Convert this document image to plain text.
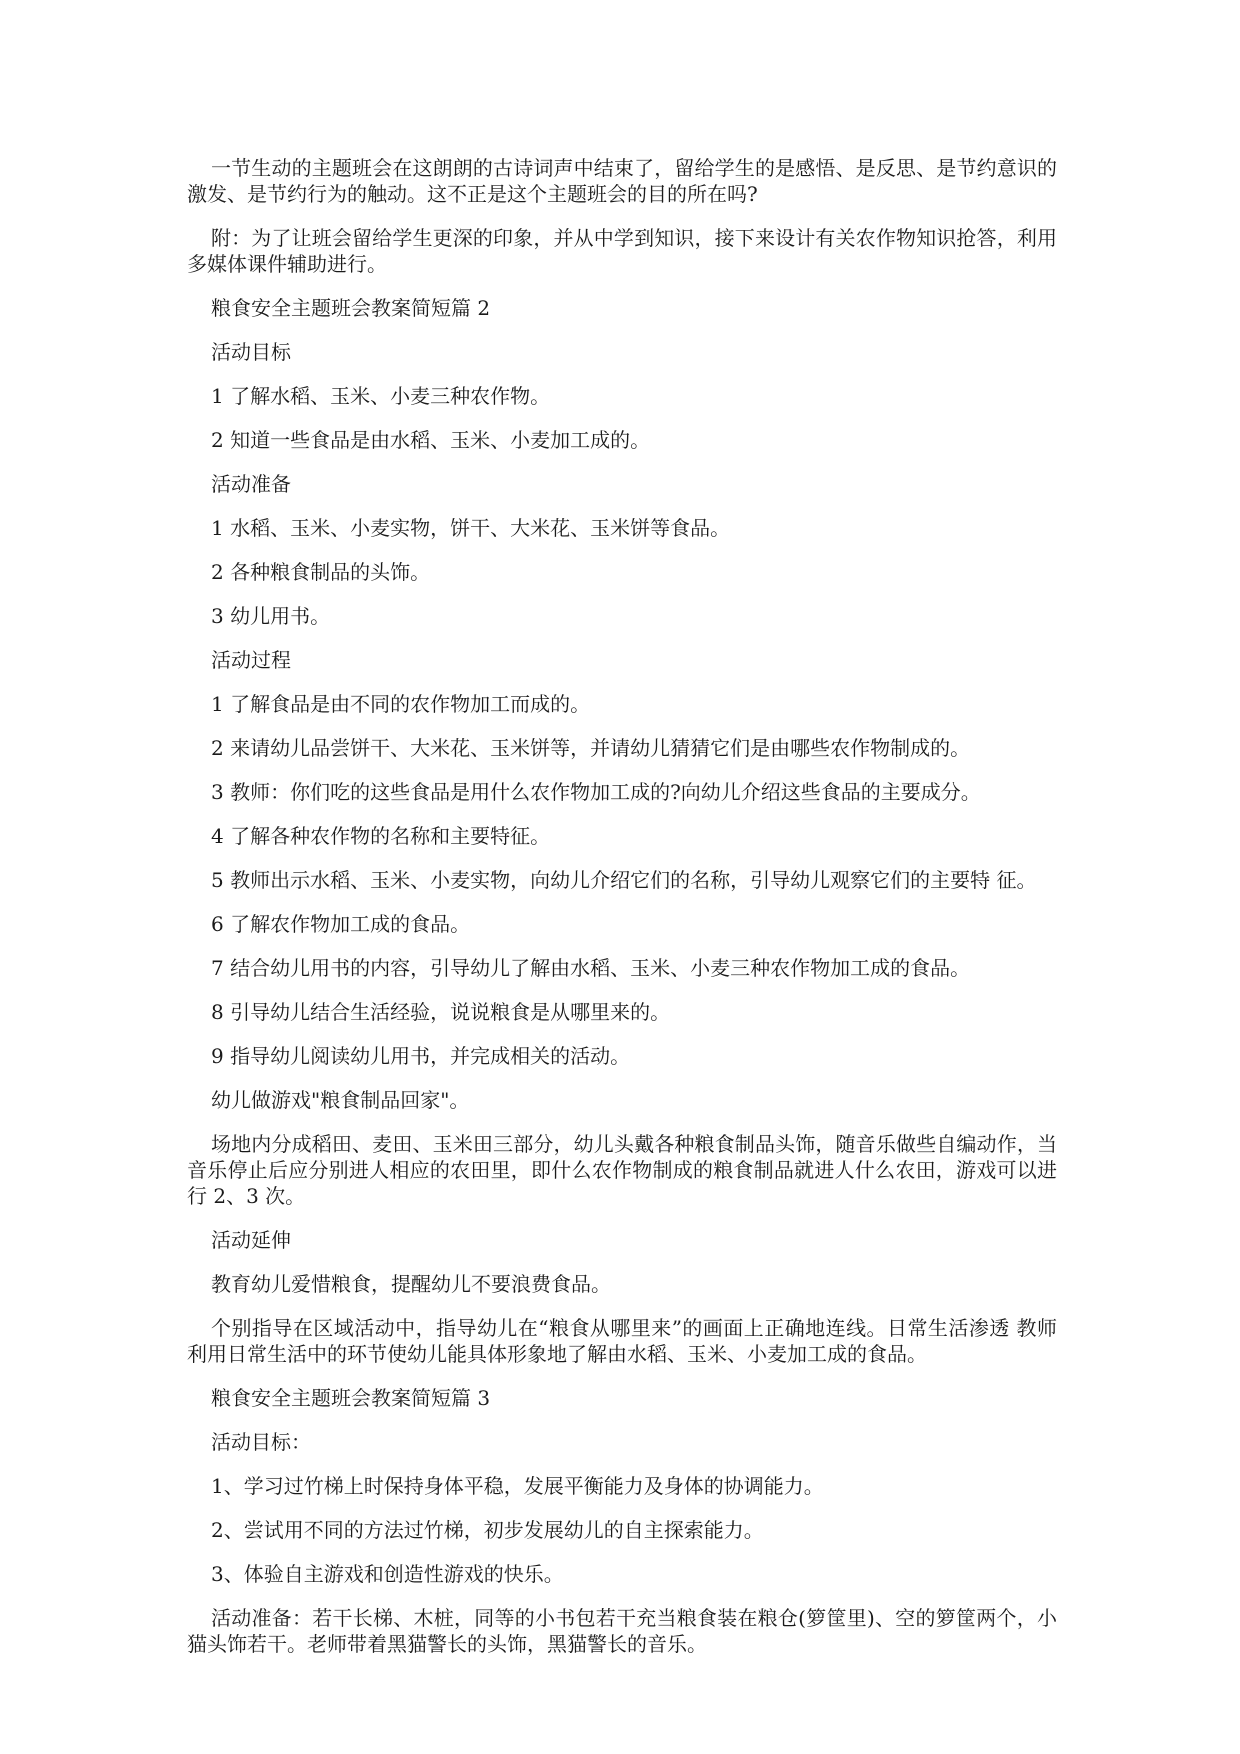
一节生动的主题班会在这朗朗的古诗词声中结束了，留给学生的是感悟、是反思、是节约意识的激发、是节约行为的触动。这不正是这个主题班会的目的所在吗?

附：为了让班会留给学生更深的印象，并从中学到知识，接下来设计有关农作物知识抢答，利用多媒体课件辅助进行。

粮食安全主题班会教案简短篇 2

活动目标

1 了解水稻、玉米、小麦三种农作物。

2 知道一些食品是由水稻、玉米、小麦加工成的。

活动准备

1 水稻、玉米、小麦实物，饼干、大米花、玉米饼等食品。

2 各种粮食制品的头饰。

3 幼儿用书。

活动过程

1 了解食品是由不同的农作物加工而成的。

2 来请幼儿品尝饼干、大米花、玉米饼等，并请幼儿猜猜它们是由哪些农作物制成的。

3 教师：你们吃的这些食品是用什么农作物加工成的?向幼儿介绍这些食品的主要成分。

4 了解各种农作物的名称和主要特征。

5 教师出示水稻、玉米、小麦实物，向幼儿介绍它们的名称，引导幼儿观察它们的主要特 征。

6 了解农作物加工成的食品。

7 结合幼儿用书的内容，引导幼儿了解由水稻、玉米、小麦三种农作物加工成的食品。

8 引导幼儿结合生活经验，说说粮食是从哪里来的。

9 指导幼儿阅读幼儿用书，并完成相关的活动。

幼儿做游戏"粮食制品回家"。

场地内分成稻田、麦田、玉米田三部分，幼儿头戴各种粮食制品头饰，随音乐做些自编动作，当音乐停止后应分别进人相应的农田里，即什么农作物制成的粮食制品就进人什么农田，游戏可以进行 2、3 次。

活动延伸

教育幼儿爱惜粮食，提醒幼儿不要浪费食品。

个别指导在区域活动中，指导幼儿在“粮食从哪里来”的画面上正确地连线。日常生活渗透 教师利用日常生活中的环节使幼儿能具体形象地了解由水稻、玉米、小麦加工成的食品。

粮食安全主题班会教案简短篇 3

活动目标：

1、学习过竹梯上时保持身体平稳，发展平衡能力及身体的协调能力。

2、尝试用不同的方法过竹梯，初步发展幼儿的自主探索能力。

3、体验自主游戏和创造性游戏的快乐。

活动准备：若干长梯、木桩，同等的小书包若干充当粮食装在粮仓(箩筐里)、空的箩筐两个，小猫头饰若干。老师带着黑猫警长的头饰，黑猫警长的音乐。
